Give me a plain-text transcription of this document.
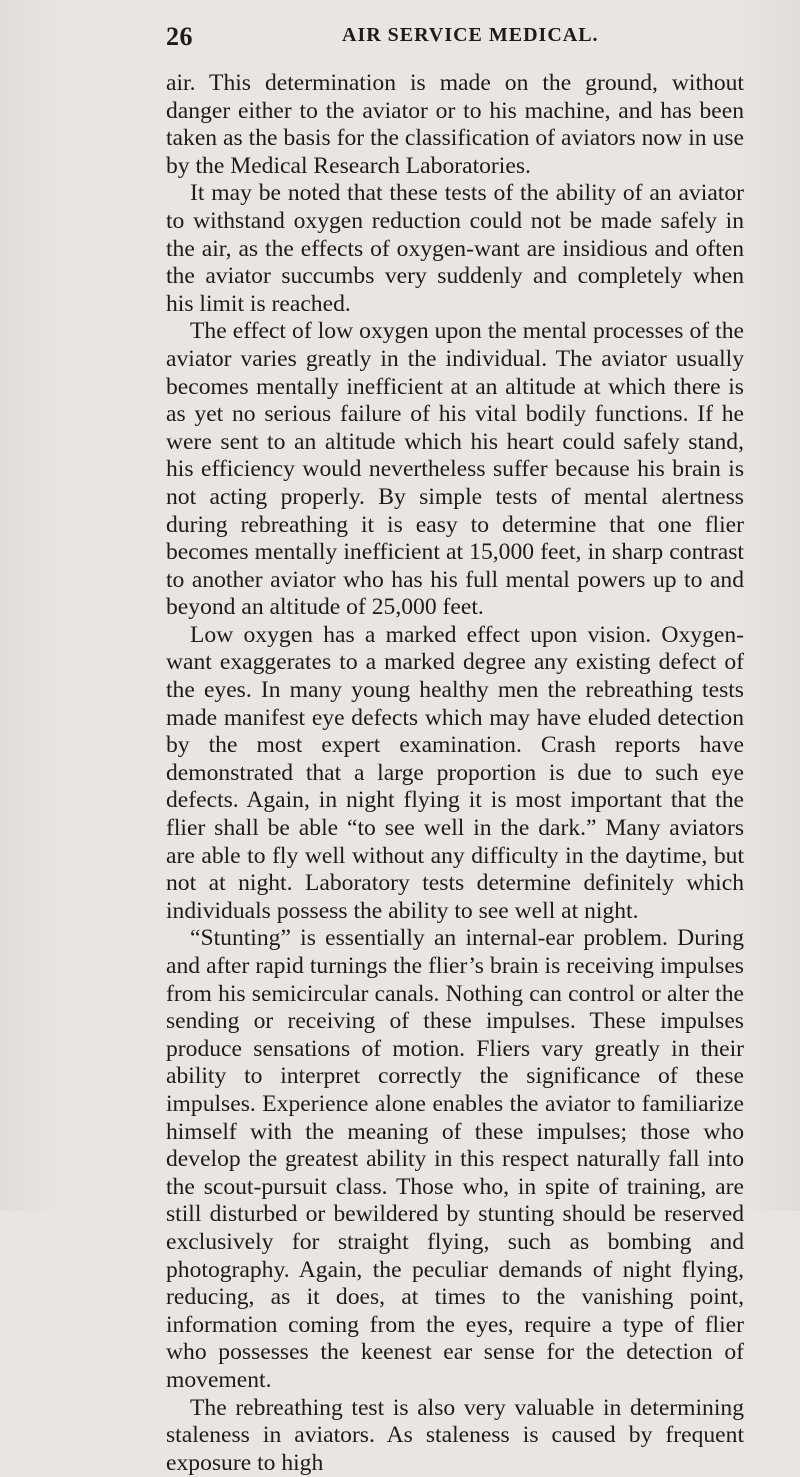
26	AIR SERVICE MEDICAL.

air. This determination is made on the ground, without danger either to the aviator or to his machine, and has been taken as the basis for the classification of aviators now in use by the Medical Research Laboratories.

It may be noted that these tests of the ability of an aviator to withstand oxygen reduction could not be made safely in the air, as the effects of oxygen-want are insidious and often the aviator succumbs very suddenly and completely when his limit is reached.

The effect of low oxygen upon the mental processes of the aviator varies greatly in the individual. The aviator usually becomes mentally inefficient at an altitude at which there is as yet no serious failure of his vital bodily functions. If he were sent to an altitude which his heart could safely stand, his efficiency would nevertheless suffer because his brain is not acting properly. By simple tests of mental alertness during rebreathing it is easy to determine that one flier becomes mentally inefficient at 15,000 feet, in sharp contrast to another aviator who has his full mental powers up to and beyond an altitude of 25,000 feet.

Low oxygen has a marked effect upon vision. Oxygen-want exaggerates to a marked degree any existing defect of the eyes. In many young healthy men the rebreathing tests made manifest eye defects which may have eluded detection by the most expert examination. Crash reports have demonstrated that a large proportion is due to such eye defects. Again, in night flying it is most important that the flier shall be able “to see well in the dark.” Many aviators are able to fly well without any difficulty in the daytime, but not at night. Laboratory tests determine definitely which individuals possess the ability to see well at night.

“Stunting” is essentially an internal-ear problem. During and after rapid turnings the flier’s brain is receiving impulses from his semicircular canals. Nothing can control or alter the sending or receiving of these impulses. These impulses produce sensations of motion. Fliers vary greatly in their ability to interpret correctly the significance of these impulses. Experience alone enables the aviator to familiarize himself with the meaning of these impulses; those who develop the greatest ability in this respect naturally fall into the scout-pursuit class. Those who, in spite of training, are still disturbed or bewildered by stunting should be reserved exclusively for straight flying, such as bombing and photography. Again, the peculiar demands of night flying, reducing, as it does, at times to the vanishing point, information coming from the eyes, require a type of flier who possesses the keenest ear sense for the detection of movement.

The rebreathing test is also very valuable in determining staleness in aviators. As staleness is caused by frequent exposure to high
